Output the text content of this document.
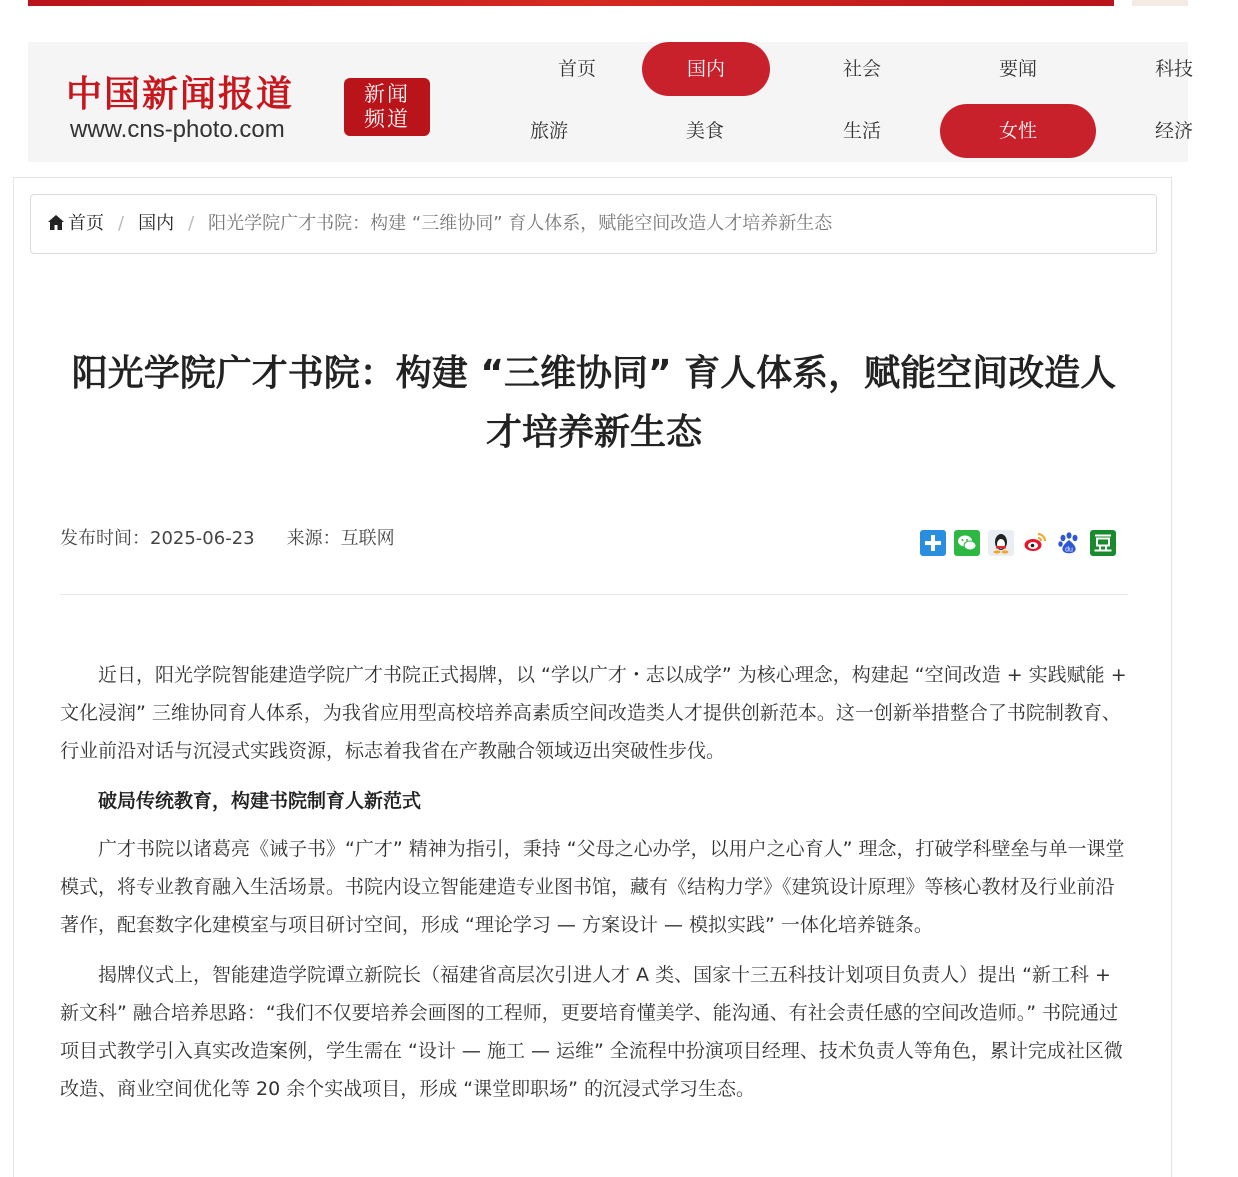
中国新闻报道
www.cns-photo.com
新闻
频道
首页	国内	社会	要闻	科技
旅游	美食	生活	女性	经济
首页 / 国内 / 阳光学院广才书院：构建 “三维协同” 育人体系，赋能空间改造人才培养新生态
阳光学院广才书院：构建 “三维协同” 育人体系，赋能空间改造人才培养新生态
发布时间：2025-06-23 来源：互联网
du

近日，阳光学院智能建造学院广才书院正式揭牌，以 “学以广才・志以成学” 为核心理念，构建起 “空间改造 + 实践赋能 + 文化浸润” 三维协同育人体系，为我省应用型高校培养高素质空间改造类人才提供创新范本。这一创新举措整合了书院制教育、行业前沿对话与沉浸式实践资源，标志着我省在产教融合领域迈出突破性步伐。

破局传统教育，构建书院制育人新范式

广才书院以诸葛亮《诫子书》“广才” 精神为指引，秉持 “父母之心办学，以用户之心育人” 理念，打破学科壁垒与单一课堂模式，将专业教育融入生活场景。书院内设立智能建造专业图书馆，藏有《结构力学》《建筑设计原理》等核心教材及行业前沿著作，配套数字化建模室与项目研讨空间，形成 “理论学习 — 方案设计 — 模拟实践” 一体化培养链条。

揭牌仪式上，智能建造学院谭立新院长（福建省高层次引进人才 A 类、国家十三五科技计划项目负责人）提出 “新工科 + 新文科” 融合培养思路：“我们不仅要培养会画图的工程师，更要培育懂美学、能沟通、有社会责任感的空间改造师。” 书院通过项目式教学引入真实改造案例，学生需在 “设计 — 施工 — 运维” 全流程中扮演项目经理、技术负责人等角色，累计完成社区微改造、商业空间优化等 20 余个实战项目，形成 “课堂即职场” 的沉浸式学习生态。
